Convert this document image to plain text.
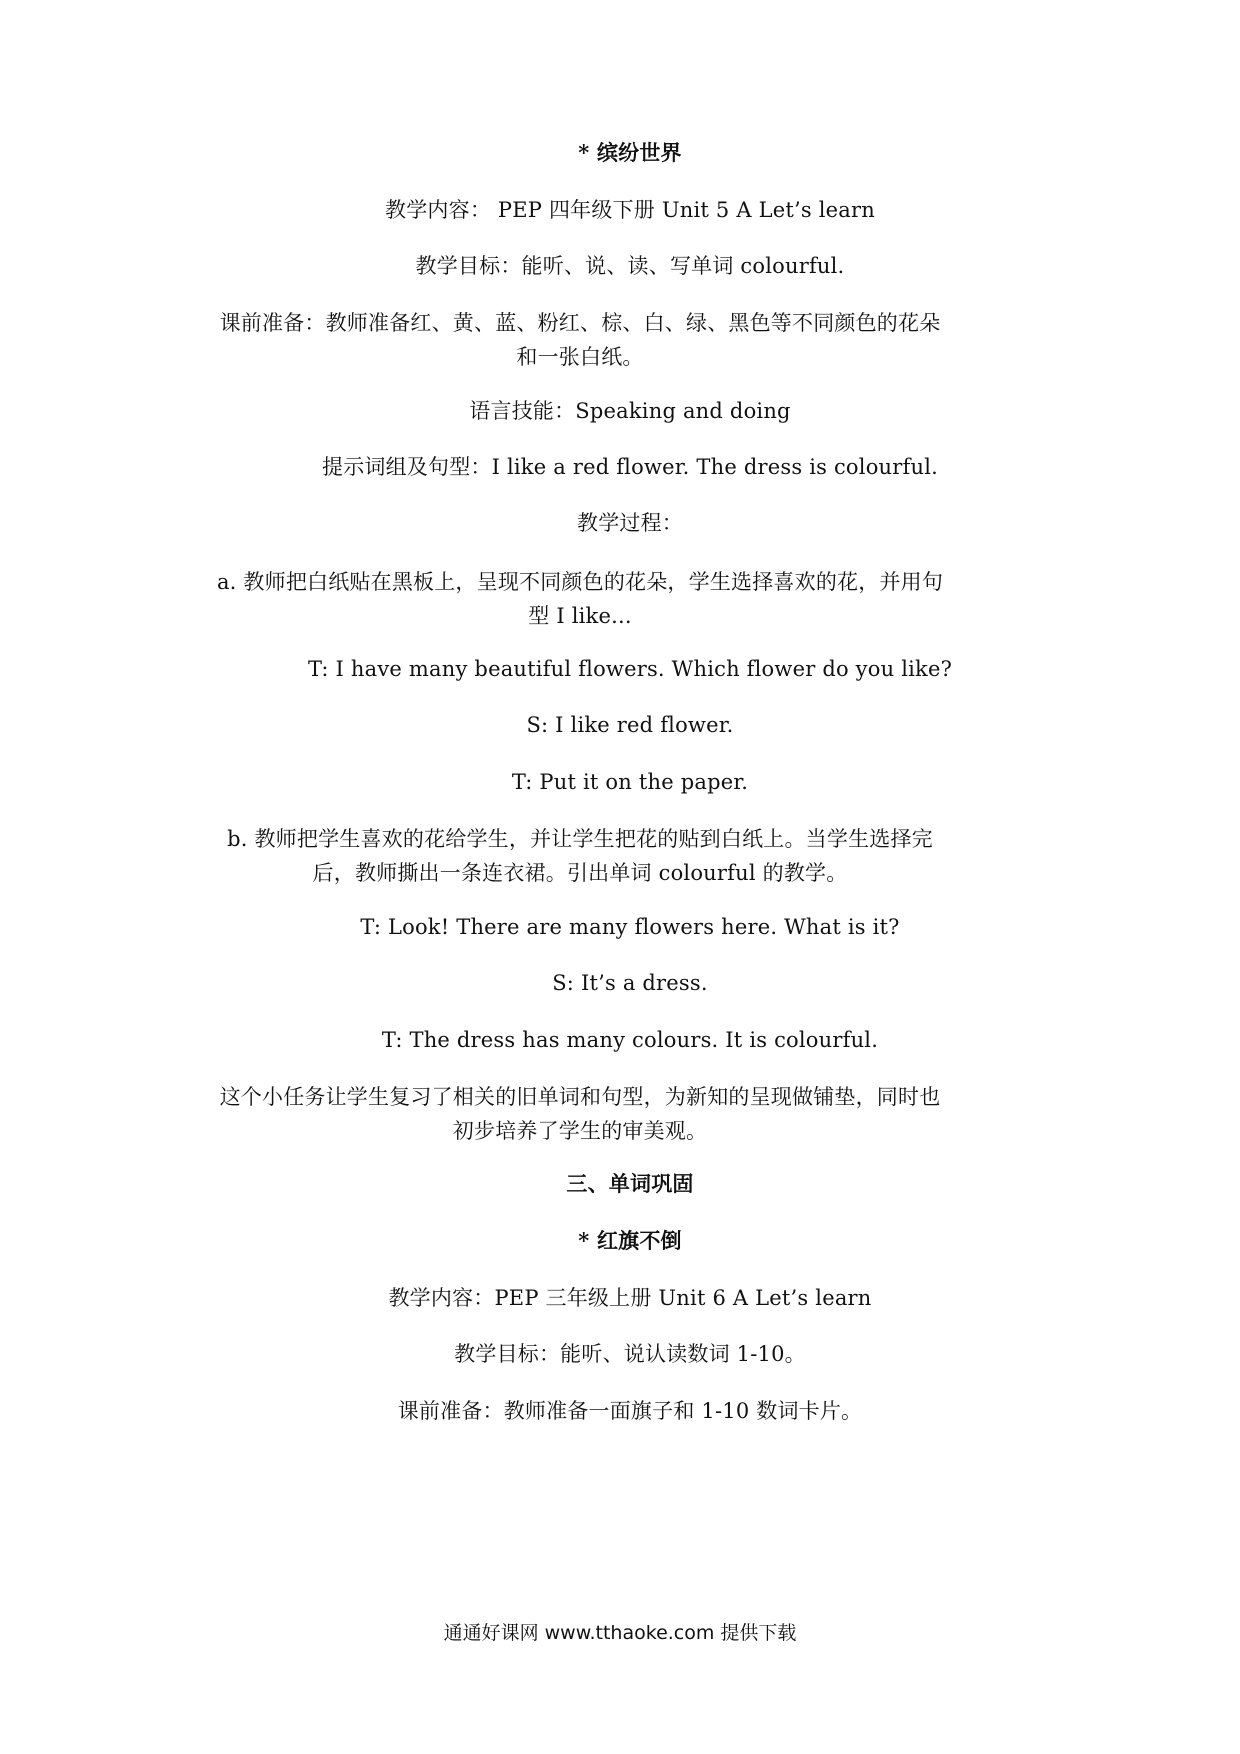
* 缤纷世界
教学内容： PEP 四年级下册 Unit 5 A Let’s learn
教学目标：能听、说、读、写单词 colourful.
课前准备：教师准备红、黄、蓝、粉红、棕、白、绿、黑色等不同颜色的花朵和一张白纸。
语言技能：Speaking and doing
提示词组及句型：I like a red flower. The dress is colourful.
教学过程：
a. 教师把白纸贴在黑板上，呈现不同颜色的花朵，学生选择喜欢的花，并用句型 I like...
T: I have many beautiful flowers. Which flower do you like?
S: I like red flower.
T: Put it on the paper.
b. 教师把学生喜欢的花给学生，并让学生把花的贴到白纸上。当学生选择完后，教师撕出一条连衣裙。引出单词 colourful 的教学。
T: Look! There are many flowers here. What is it?
S: It’s a dress.
T: The dress has many colours. It is colourful.
这个小任务让学生复习了相关的旧单词和句型，为新知的呈现做铺垫，同时也初步培养了学生的审美观。
三、单词巩固
* 红旗不倒
教学内容：PEP 三年级上册 Unit 6 A Let’s learn
教学目标：能听、说认读数词 1-10。
课前准备：教师准备一面旗子和 1-10 数词卡片。
通通好课网 www.tthaoke.com 提供下载
